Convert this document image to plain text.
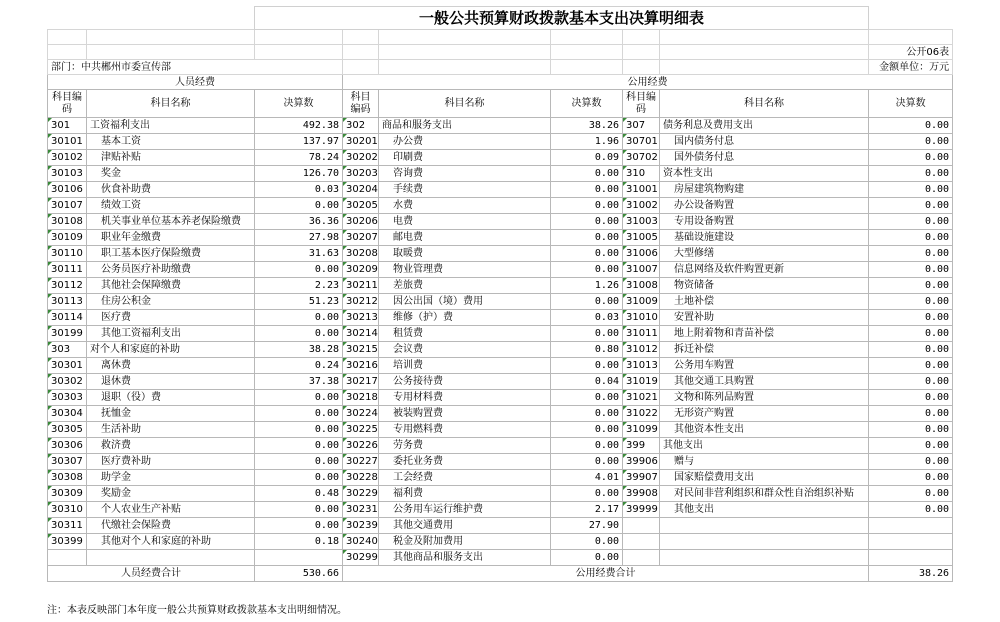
		一般公共预算财政拨款基本支出决算明细表						

								公开06表
部门：中共郴州市委宣传部								金额单位：万元
人员经费			公用经费					
科目编码	科目名称	决算数	科目编码	科目名称	决算数	科目编码	科目名称	决算数
301	工资福利支出	492.38	302	商品和服务支出	38.26	307	债务利息及费用支出	0.00
30101	基本工资	137.97	30201	办公费	1.96	30701	国内债务付息	0.00
30102	津贴补贴	78.24	30202	印刷费	0.09	30702	国外债务付息	0.00
30103	奖金	126.70	30203	咨询费	0.00	310	资本性支出	0.00
30106	伙食补助费	0.03	30204	手续费	0.00	31001	房屋建筑物购建	0.00
30107	绩效工资	0.00	30205	水费	0.00	31002	办公设备购置	0.00
30108	机关事业单位基本养老保险缴费	36.36	30206	电费	0.00	31003	专用设备购置	0.00
30109	职业年金缴费	27.98	30207	邮电费	0.00	31005	基础设施建设	0.00
30110	职工基本医疗保险缴费	31.63	30208	取暖费	0.00	31006	大型修缮	0.00
30111	公务员医疗补助缴费	0.00	30209	物业管理费	0.00	31007	信息网络及软件购置更新	0.00
30112	其他社会保障缴费	2.23	30211	差旅费	1.26	31008	物资储备	0.00
30113	住房公积金	51.23	30212	因公出国（境）费用	0.00	31009	土地补偿	0.00
30114	医疗费	0.00	30213	维修（护）费	0.03	31010	安置补助	0.00
30199	其他工资福利支出	0.00	30214	租赁费	0.00	31011	地上附着物和青苗补偿	0.00
303	对个人和家庭的补助	38.28	30215	会议费	0.80	31012	拆迁补偿	0.00
30301	离休费	0.24	30216	培训费	0.00	31013	公务用车购置	0.00
30302	退休费	37.38	30217	公务接待费	0.04	31019	其他交通工具购置	0.00
30303	退职（役）费	0.00	30218	专用材料费	0.00	31021	文物和陈列品购置	0.00
30304	抚恤金	0.00	30224	被装购置费	0.00	31022	无形资产购置	0.00
30305	生活补助	0.00	30225	专用燃料费	0.00	31099	其他资本性支出	0.00
30306	救济费	0.00	30226	劳务费	0.00	399	其他支出	0.00
30307	医疗费补助	0.00	30227	委托业务费	0.00	39906	赠与	0.00
30308	助学金	0.00	30228	工会经费	4.01	39907	国家赔偿费用支出	0.00
30309	奖励金	0.48	30229	福利费	0.00	39908	对民间非营利组织和群众性自治组织补贴	0.00
30310	个人农业生产补贴	0.00	30231	公务用车运行维护费	2.17	39999	其他支出	0.00
30311	代缴社会保险费	0.00	30239	其他交通费用	27.90			
30399	其他对个人和家庭的补助	0.18	30240	税金及附加费用	0.00			
			30299	其他商品和服务支出	0.00			
人员经费合计		530.66	公用经费合计					38.26
注：本表反映部门本年度一般公共预算财政拨款基本支出明细情况。
